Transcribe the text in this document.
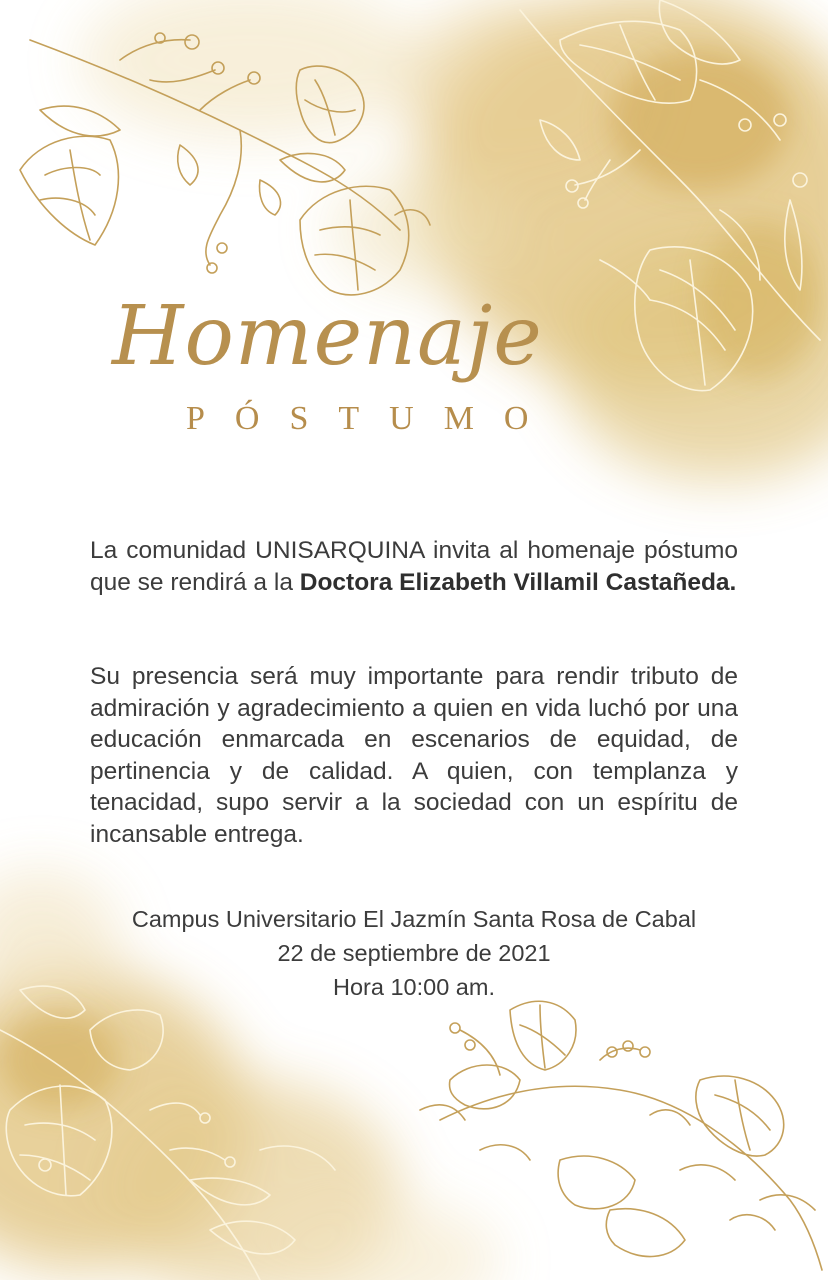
Homenaje
PÓSTUMO

La comunidad UNISARQUINA invita al homenaje póstumo que se rendirá a la Doctora Elizabeth Villamil Castañeda.

Su presencia será muy importante para rendir tributo de admiración y agradecimiento a quien en vida luchó por una educación enmarcada en escenarios de equidad, de pertinencia y de calidad. A quien, con templanza y tenacidad, supo servir a la sociedad con un espíritu de incansable entrega.

Campus Universitario El Jazmín Santa Rosa de Cabal
22 de septiembre de 2021
Hora 10:00 am.
